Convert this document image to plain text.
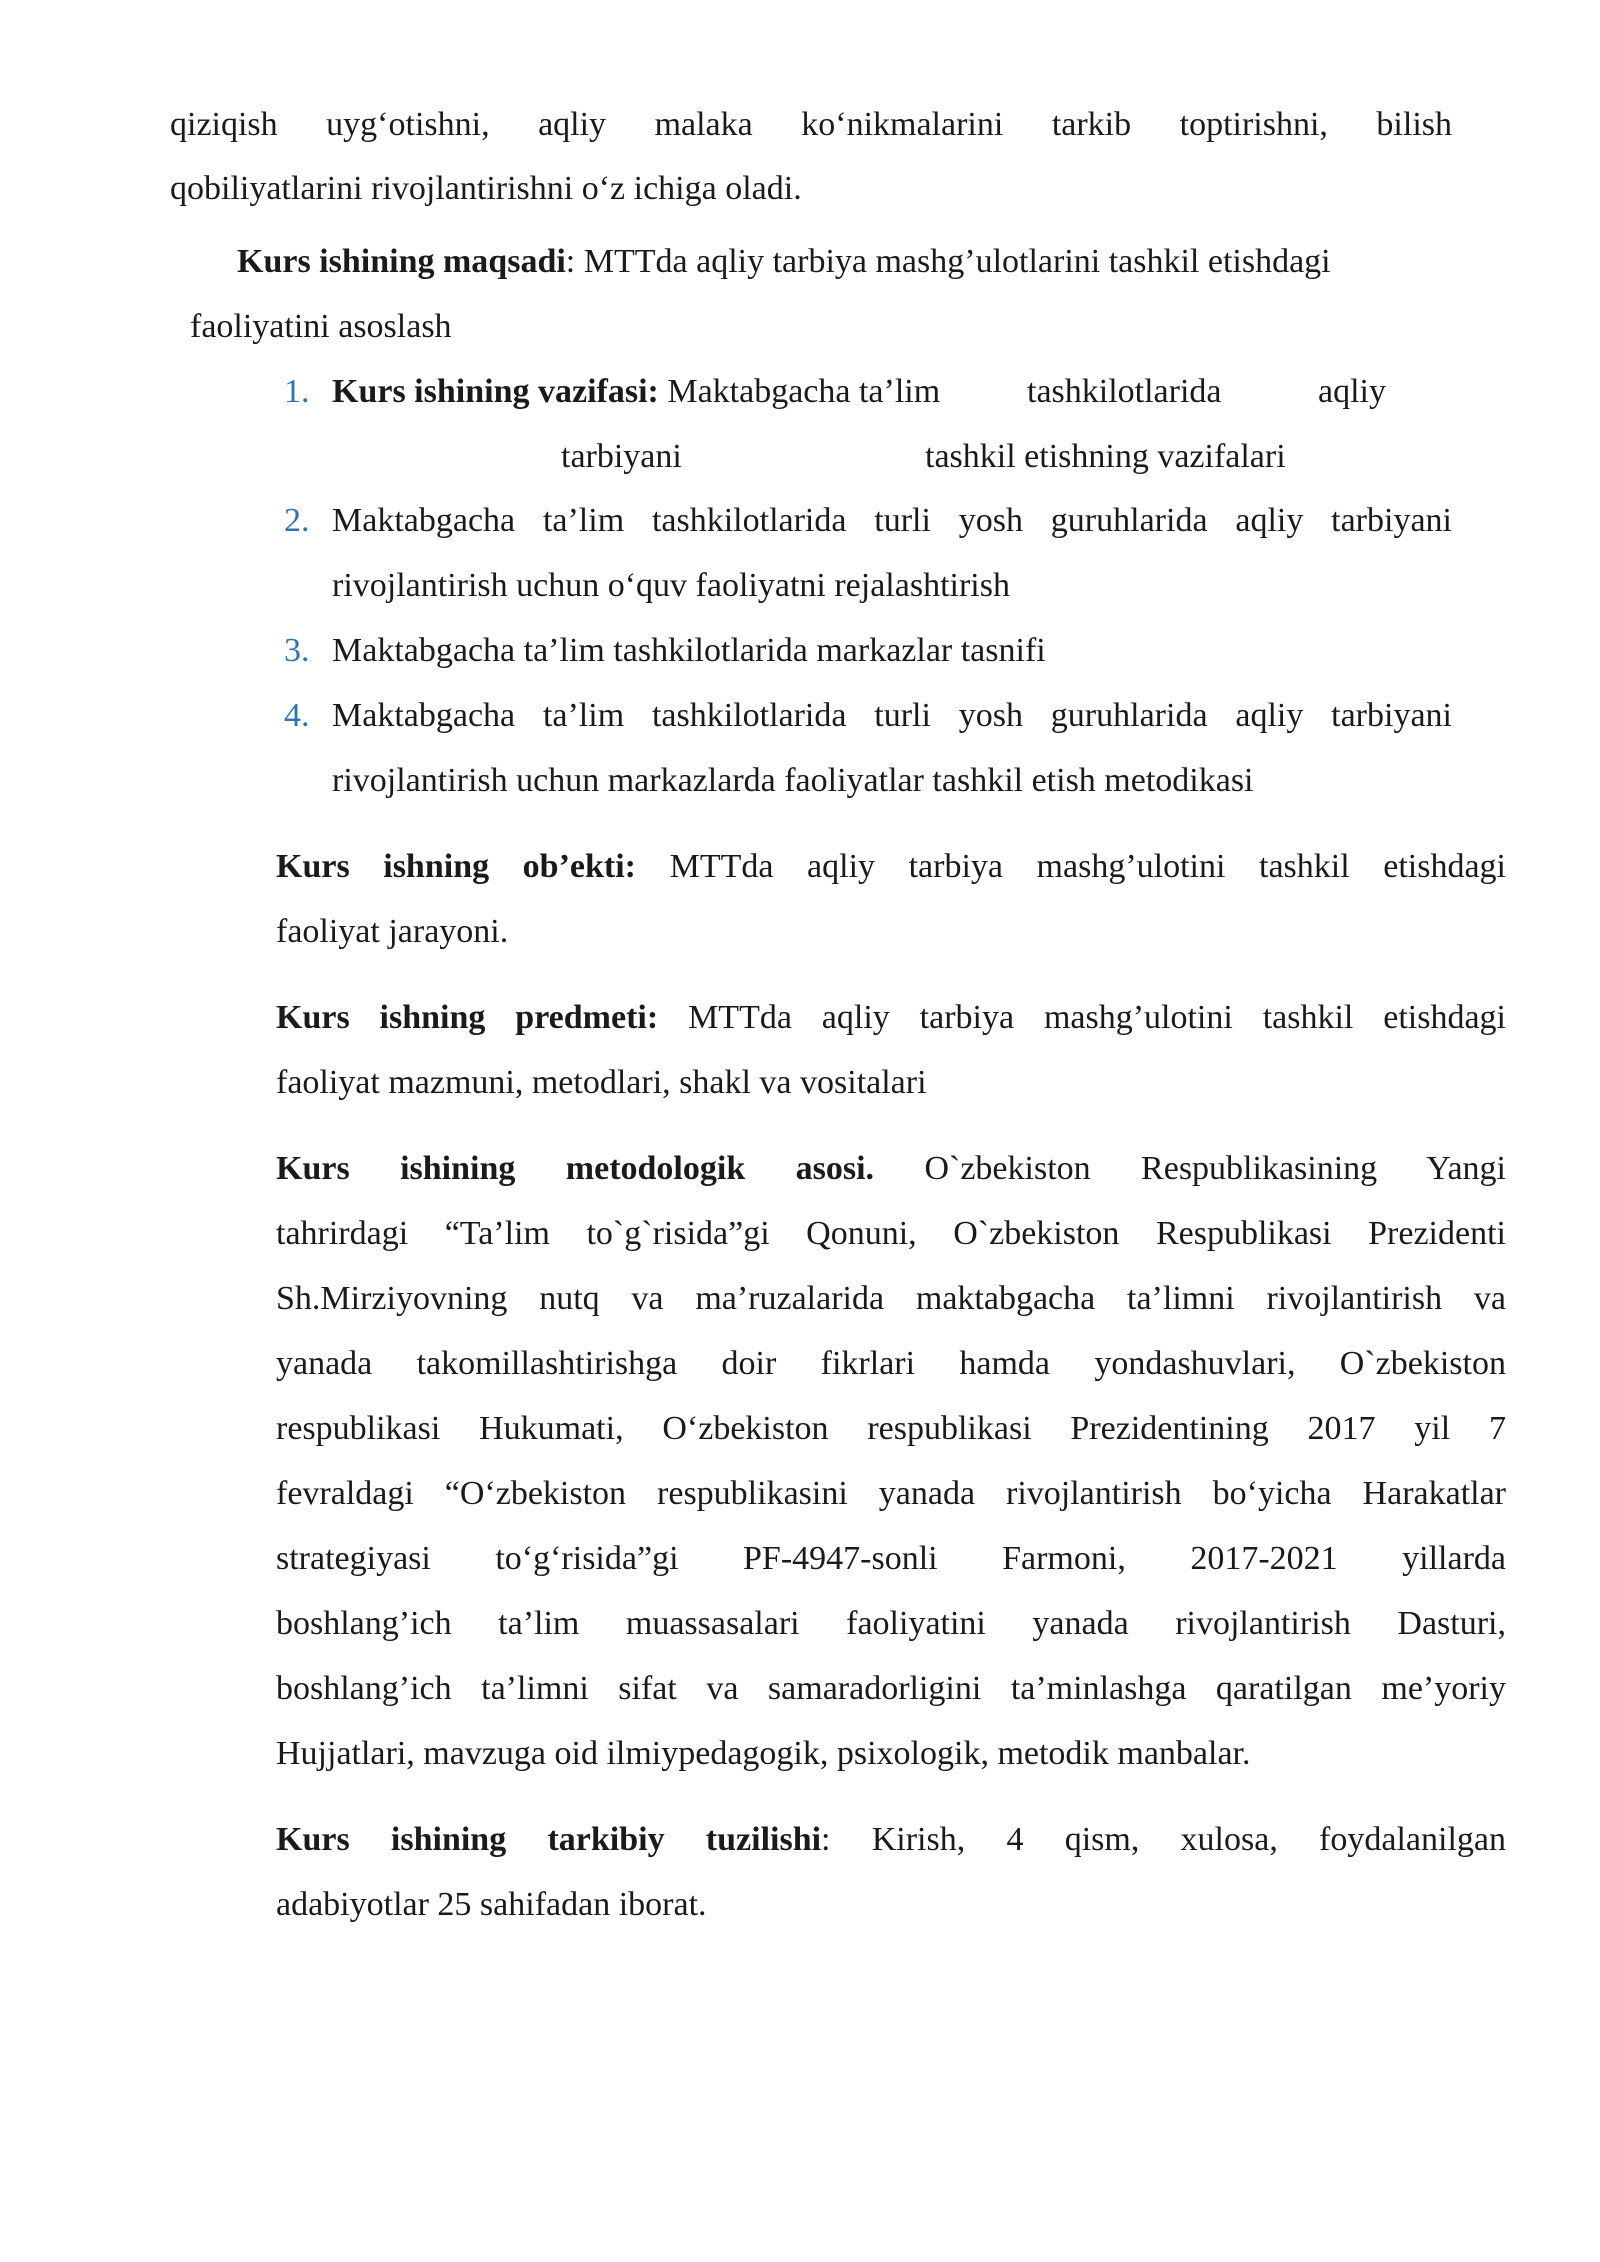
qiziqish uyg‘otishni, aqliy malaka ko‘nikmalarini tarkib toptirishni, bilish
qobiliyatlarini rivojlantirishni o‘z ichiga oladi.
Kurs ishining maqsadi: MTTda aqliy tarbiya mashg’ulotlarini tashkil etishdagi
faoliyatini asoslash
1. Kurs ishining vazifasi: Maktabgacha ta’lim	tashkilotlarida	aqliy
tarbiyani	tashkil etishning vazifalari
2. Maktabgacha ta’lim tashkilotlarida turli yosh guruhlarida aqliy tarbiyani
rivojlantirish uchun o‘quv faoliyatni rejalashtirish
3. Maktabgacha ta’lim tashkilotlarida markazlar tasnifi
4. Maktabgacha ta’lim tashkilotlarida turli yosh guruhlarida aqliy tarbiyani
rivojlantirish uchun markazlarda faoliyatlar tashkil etish metodikasi
Kurs ishning ob’ekti: MTTda aqliy tarbiya mashg’ulotini tashkil etishdagi
faoliyat jarayoni.
Kurs ishning predmeti: MTTda aqliy tarbiya mashg’ulotini tashkil etishdagi
faoliyat mazmuni, metodlari, shakl va vositalari
Kurs ishining metodologik asosi. O`zbekiston Respublikasining Yangi
tahrirdagi “Ta’lim to`g`risida”gi Qonuni, O`zbekiston Respublikasi Prezidenti
Sh.Mirziyovning nutq va ma’ruzalarida maktabgacha ta’limni rivojlantirish va
yanada takomillashtirishga doir fikrlari hamda yondashuvlari, O`zbekiston
respublikasi Hukumati, O‘zbekiston respublikasi Prezidentining 2017 yil 7
fevraldagi “O‘zbekiston respublikasini yanada rivojlantirish bo‘yicha Harakatlar
strategiyasi to‘g‘risida”gi PF-4947-sonli Farmoni, 2017-2021 yillarda
boshlang’ich ta’lim muassasalari faoliyatini yanada rivojlantirish Dasturi,
boshlang’ich ta’limni sifat va samaradorligini ta’minlashga qaratilgan me’yoriy
Hujjatlari, mavzuga oid ilmiypedagogik, psixologik, metodik manbalar.
Kurs ishining tarkibiy tuzilishi: Kirish, 4 qism, xulosa, foydalanilgan
adabiyotlar 25 sahifadan iborat.
